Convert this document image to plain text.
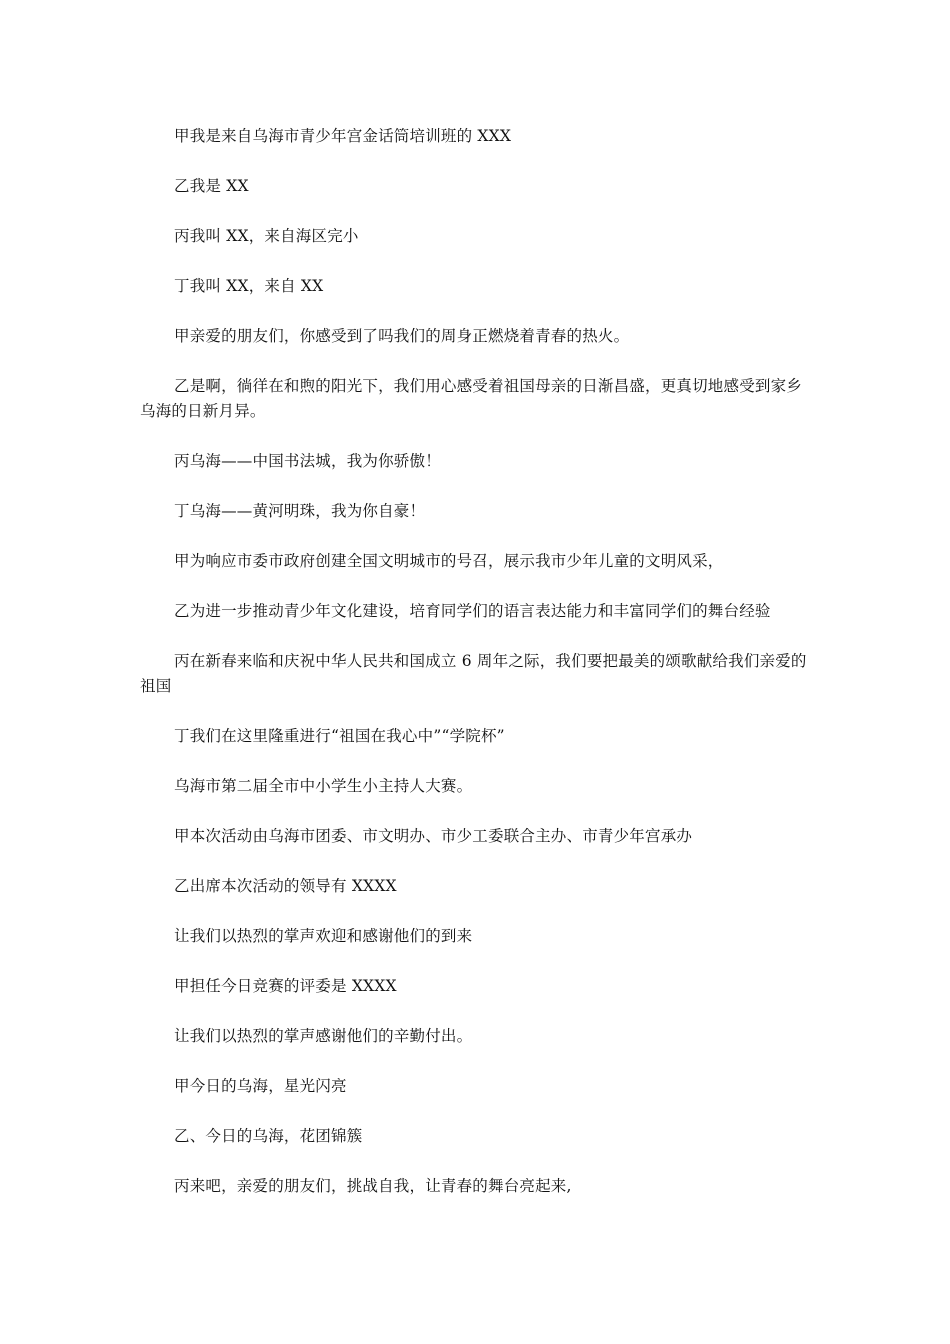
甲我是来自乌海市青少年宫金话筒培训班的 XXX

乙我是 XX

丙我叫 XX，来自海区完小

丁我叫 XX，来自 XX

甲亲爱的朋友们，你感受到了吗我们的周身正燃烧着青春的热火。

乙是啊，徜徉在和煦的阳光下，我们用心感受着祖国母亲的日渐昌盛，更真切地感受到家乡乌海的日新月异。

丙乌海——中国书法城，我为你骄傲！

丁乌海——黄河明珠，我为你自豪！

甲为响应市委市政府创建全国文明城市的号召，展示我市少年儿童的文明风采，

乙为进一步推动青少年文化建设，培育同学们的语言表达能力和丰富同学们的舞台经验

丙在新春来临和庆祝中华人民共和国成立 6 周年之际，我们要把最美的颂歌献给我们亲爱的祖国

丁我们在这里隆重进行“祖国在我心中”“学院杯”

乌海市第二届全市中小学生小主持人大赛。

甲本次活动由乌海市团委、市文明办、市少工委联合主办、市青少年宫承办

乙出席本次活动的领导有 XXXX

让我们以热烈的掌声欢迎和感谢他们的到来

甲担任今日竞赛的评委是 XXXX

让我们以热烈的掌声感谢他们的辛勤付出。

甲今日的乌海，星光闪亮

乙、今日的乌海，花团锦簇

丙来吧，亲爱的朋友们，挑战自我，让青春的舞台亮起来,
